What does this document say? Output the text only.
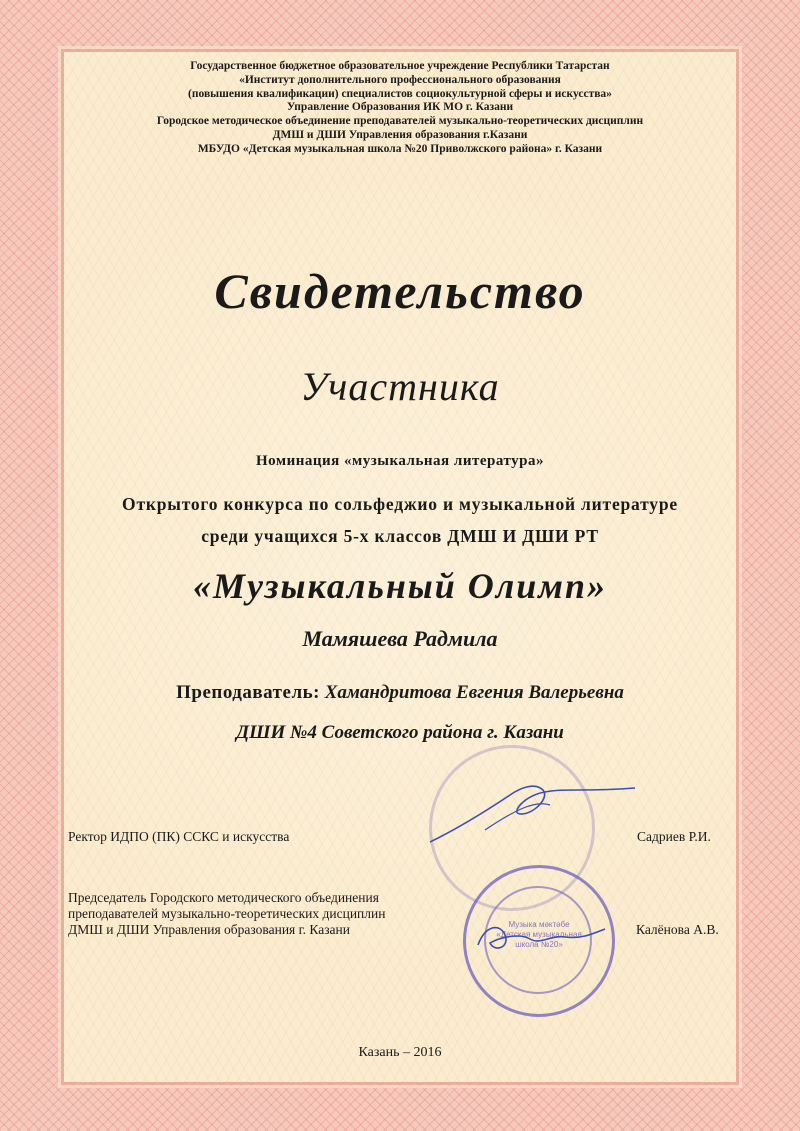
Государственное бюджетное образовательное учреждение Республики Татарстан
«Институт дополнительного профессионального образования
(повышения квалификации) специалистов социокультурной сферы и искусства»
Управление Образования ИК МО г. Казани
Городское методическое объединение преподавателей музыкально-теоретических дисциплин
ДМШ и ДШИ Управления образования г.Казани
МБУДО «Детская музыкальная школа №20 Приволжского района» г. Казани
Свидетельство
Участника
Номинация «музыкальная литература»
Открытого конкурса по сольфеджио и музыкальной литературе
среди учащихся 5-х классов ДМШ И ДШИ РТ
«Музыкальный Олимп»
Мамяшева Радмила
Преподаватель: Хамандритова Евгения Валерьевна
ДШИ №4 Советского района г. Казани
Музыка мәктәбе
«Детская музыкальная
школа №20»
Ректор ИДПО (ПК) ССКС и искусства	Садриев Р.И.
Председатель Городского методического объединения
преподавателей музыкально-теоретических дисциплин
ДМШ и ДШИ Управления образования г. Казани	Калёнова А.В.
Казань – 2016
